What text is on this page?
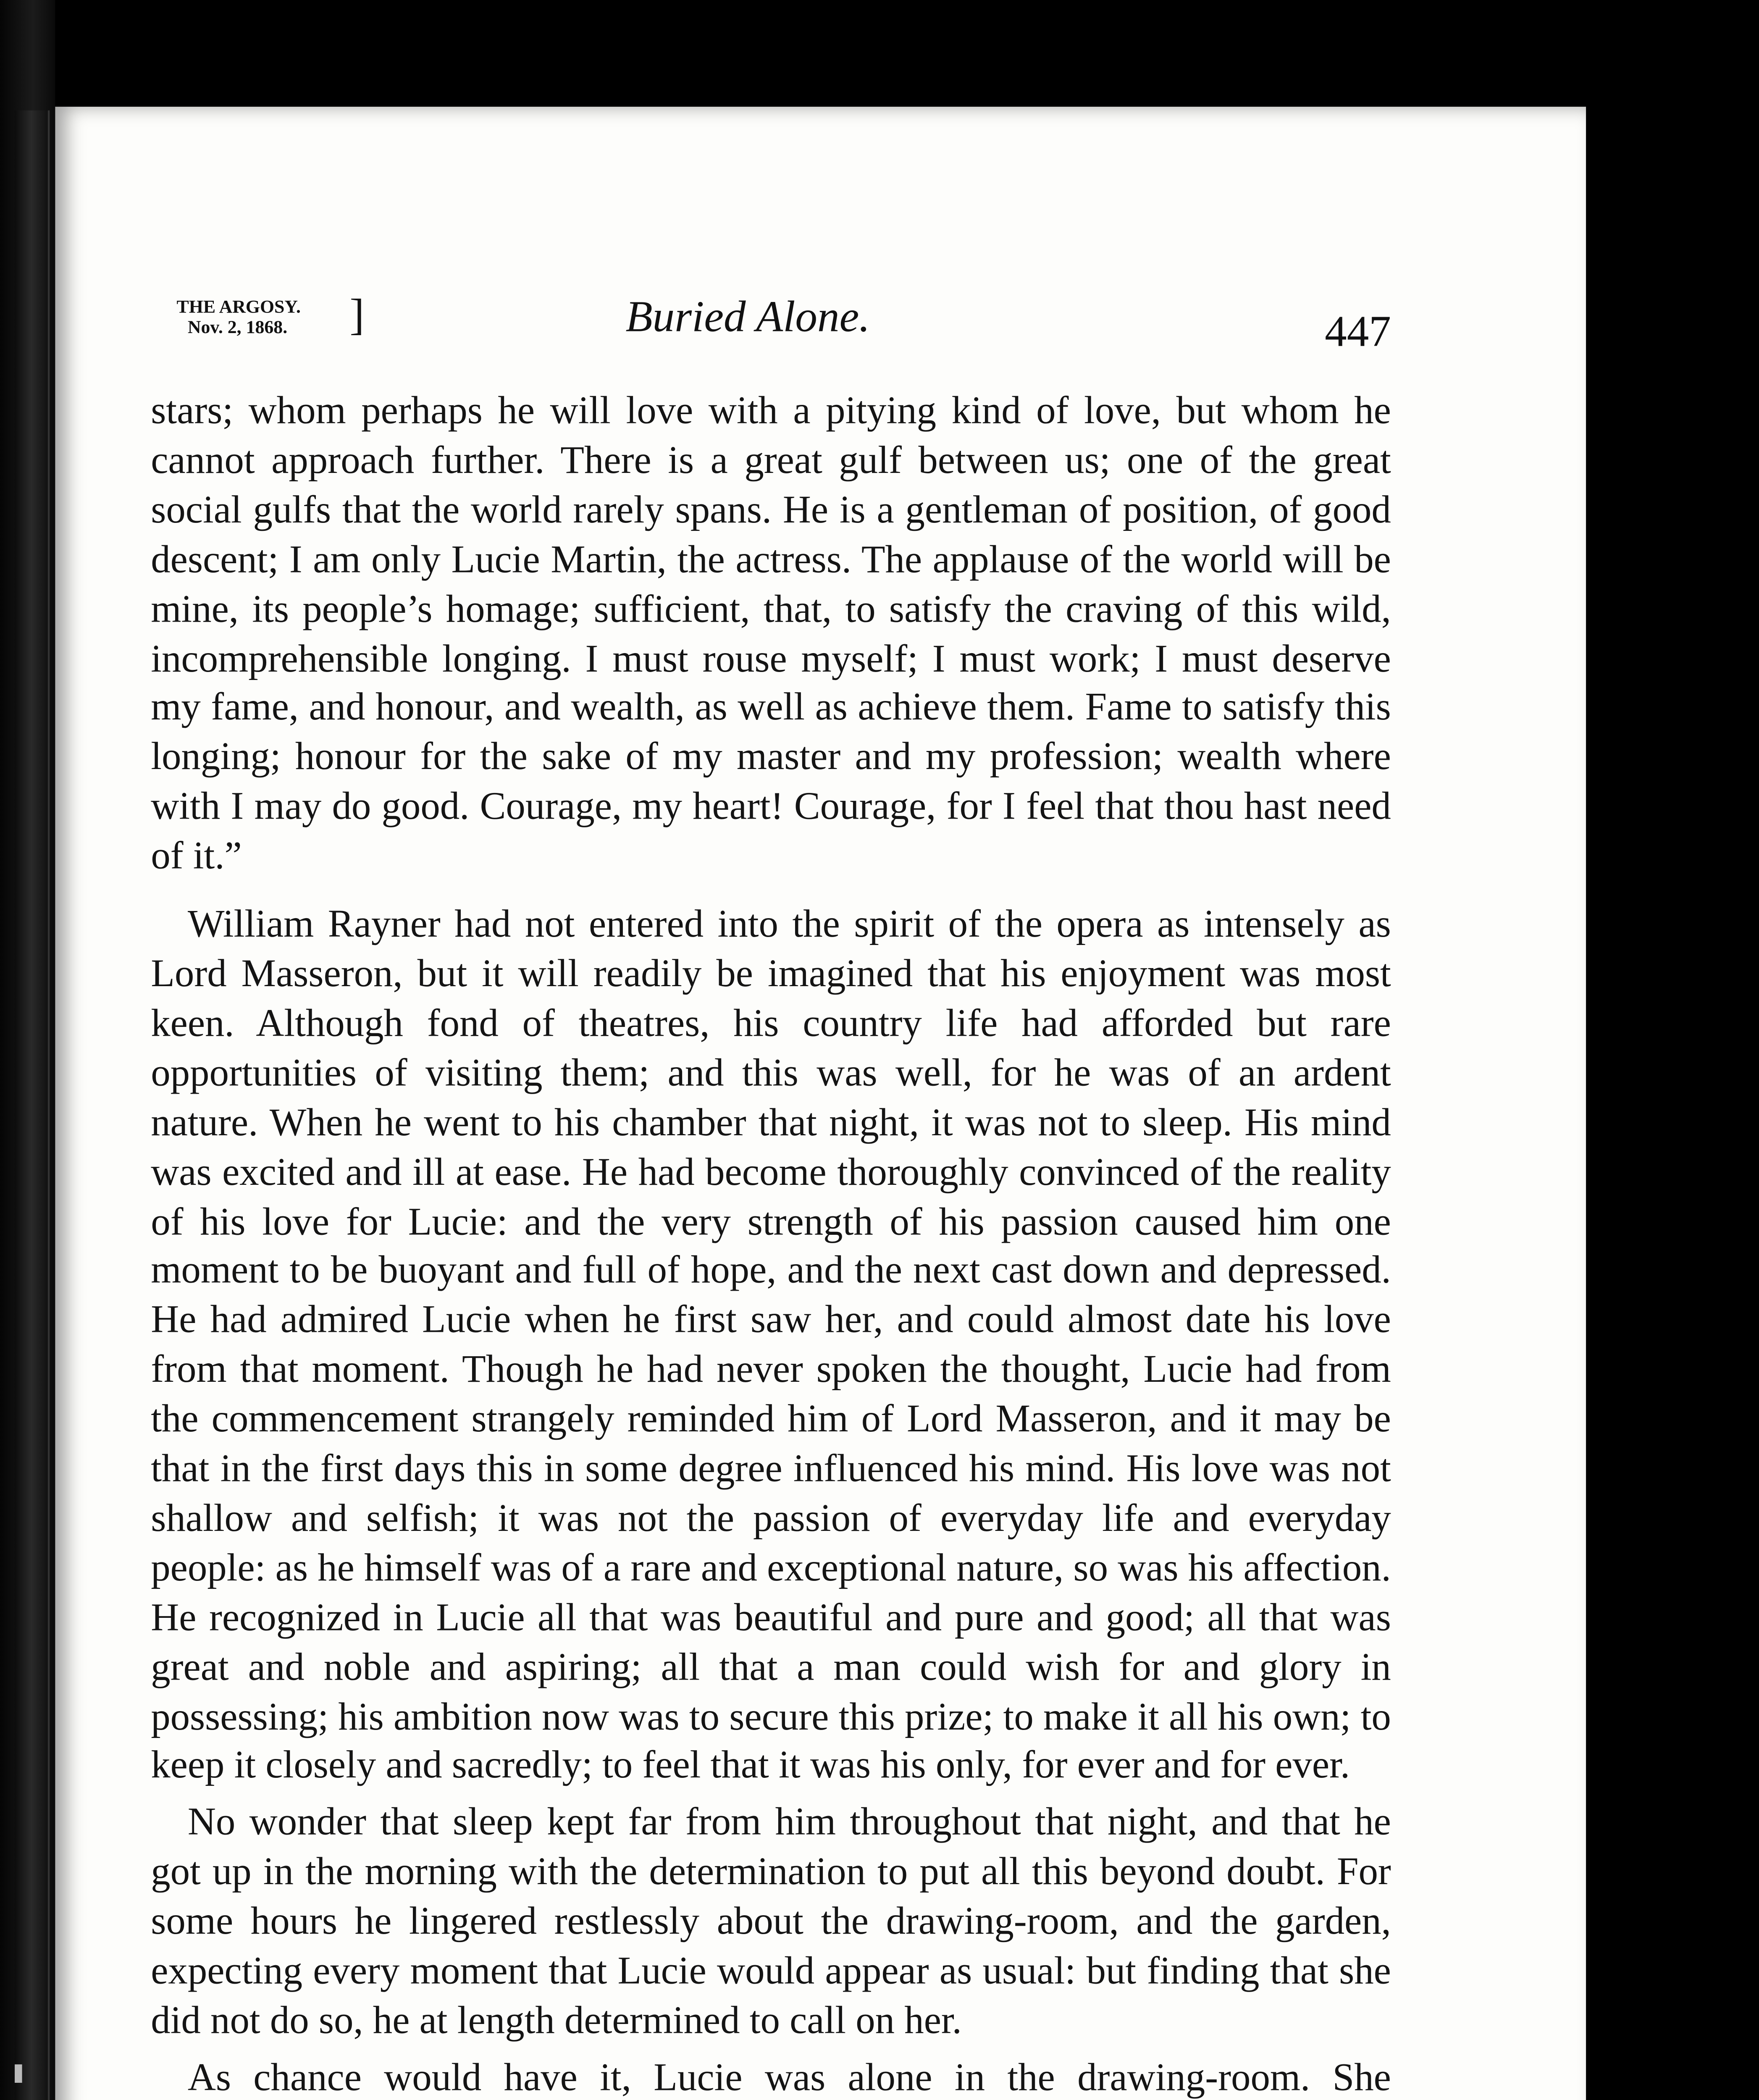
THE ARGOSY.
Nov. 2, 1868.	]	Buried Alone.	447

stars; whom perhaps he will love with a pitying kind of love, but whom he cannot approach further. There is a great gulf between us; one of the great social gulfs that the world rarely spans. He is a gentleman of position, of good descent; I am only Lucie Martin, the actress. The applause of the world will be mine, its people’s homage; sufficient, that, to satisfy the craving of this wild, incomprehensible longing. I must rouse myself; I must work; I must deserve my fame, and honour, and wealth, as well as achieve them. Fame to satisfy this longing; honour for the sake of my master and my profession; wealth where with I may do good. Courage, my heart! Courage, for I feel that thou hast need of it.”

William Rayner had not entered into the spirit of the opera as intensely as Lord Masseron, but it will readily be imagined that his enjoyment was most keen. Although fond of theatres, his country life had afforded but rare opportunities of visiting them; and this was well, for he was of an ardent nature. When he went to his chamber that night, it was not to sleep. His mind was excited and ill at ease. He had become thoroughly convinced of the reality of his love for Lucie: and the very strength of his passion caused him one moment to be buoyant and full of hope, and the next cast down and depressed. He had admired Lucie when he first saw her, and could almost date his love from that moment. Though he had never spoken the thought, Lucie had from the commencement strangely reminded him of Lord Masseron, and it may be that in the first days this in some degree influenced his mind. His love was not shallow and selfish; it was not the passion of everyday life and everyday people: as he himself was of a rare and exceptional nature, so was his affection. He recognized in Lucie all that was beautiful and pure and good; all that was great and noble and aspiring; all that a man could wish for and glory in possessing; his ambition now was to secure this prize; to make it all his own; to keep it closely and sacredly; to feel that it was his only, for ever and for ever.

No wonder that sleep kept far from him throughout that night, and that he got up in the morning with the determination to put all this beyond doubt. For some hours he lingered restlessly about the drawing-room, and the garden, expecting every moment that Lucie would appear as usual: but finding that she did not do so, he at length determined to call on her.

As chance would have it, Lucie was alone in the drawing-room. She
